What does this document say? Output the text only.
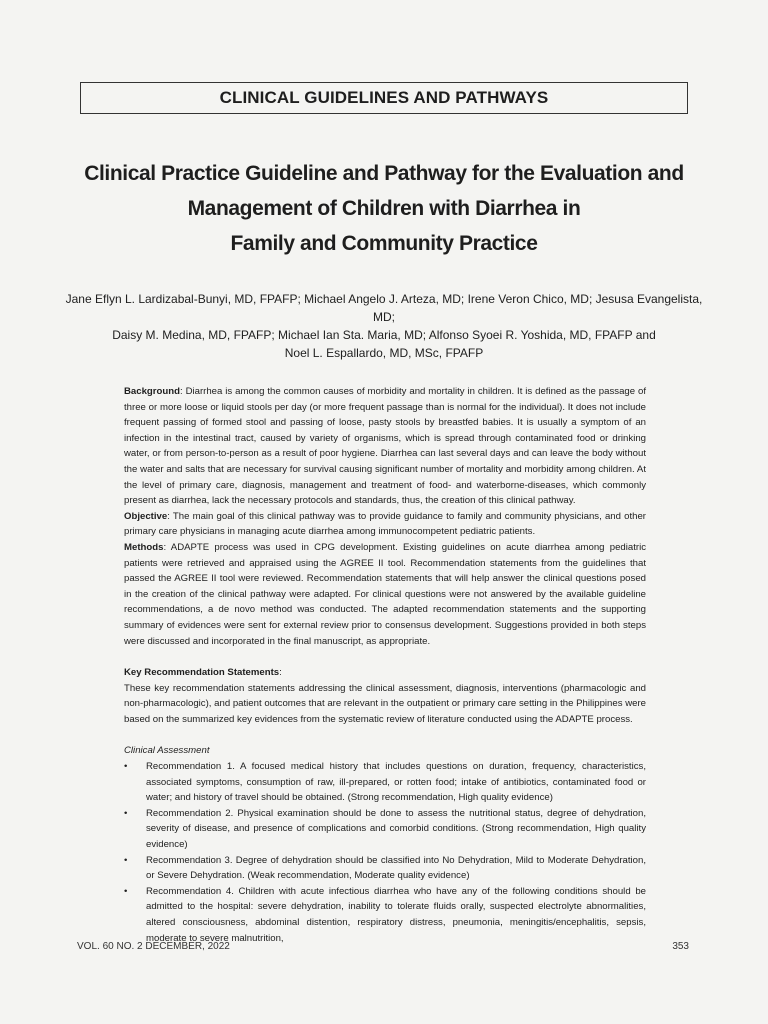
CLINICAL GUIDELINES AND PATHWAYS
Clinical Practice Guideline and Pathway for the Evaluation and
Management of Children with Diarrhea in
Family and Community Practice
Jane Eflyn L. Lardizabal-Bunyi, MD, FPAFP; Michael Angelo J. Arteza, MD; Irene Veron Chico, MD; Jesusa Evangelista, MD;
Daisy M. Medina, MD, FPAFP; Michael Ian Sta. Maria, MD; Alfonso Syoei R. Yoshida, MD, FPAFP and
Noel L. Espallardo, MD, MSc, FPAFP

Background: Diarrhea is among the common causes of morbidity and mortality in children. It is defined as the passage of three or more loose or liquid stools per day (or more frequent passage than is normal for the individual). It does not include frequent passing of formed stool and passing of loose, pasty stools by breastfed babies. It is usually a symptom of an infection in the intestinal tract, caused by variety of organisms, which is spread through contaminated food or drinking water, or from person-to-person as a result of poor hygiene. Diarrhea can last several days and can leave the body without the water and salts that are necessary for survival causing significant number of mortality and morbidity among children. At the level of primary care, diagnosis, management and treatment of food- and waterborne-diseases, which commonly present as diarrhea, lack the necessary protocols and standards, thus, the creation of this clinical pathway.

Objective: The main goal of this clinical pathway was to provide guidance to family and community physicians, and other primary care physicians in managing acute diarrhea among immunocompetent pediatric patients.

Methods: ADAPTE process was used in CPG development. Existing guidelines on acute diarrhea among pediatric patients were retrieved and appraised using the AGREE II tool. Recommendation statements from the guidelines that passed the AGREE II tool were reviewed. Recommendation statements that will help answer the clinical questions posed in the creation of the clinical pathway were adapted. For clinical questions were not answered by the available guideline recommendations, a de novo method was conducted. The adapted recommendation statements and the supporting summary of evidences were sent for external review prior to consensus development. Suggestions provided in both steps were discussed and incorporated in the final manuscript, as appropriate.

Key Recommendation Statements:

These key recommendation statements addressing the clinical assessment, diagnosis, interventions (pharmacologic and non-pharmacologic), and patient outcomes that are relevant in the outpatient or primary care setting in the Philippines were based on the summarized key evidences from the systematic review of literature conducted using the ADAPTE process.

Clinical Assessment

• Recommendation 1. A focused medical history that includes questions on duration, frequency, characteristics, associated symptoms, consumption of raw, ill-prepared, or rotten food; intake of antibiotics, contaminated food or water; and history of travel should be obtained. (Strong recommendation, High quality evidence)
• Recommendation 2. Physical examination should be done to assess the nutritional status, degree of dehydration, severity of disease, and presence of complications and comorbid conditions. (Strong recommendation, High quality evidence)
• Recommendation 3. Degree of dehydration should be classified into No Dehydration, Mild to Moderate Dehydration, or Severe Dehydration. (Weak recommendation, Moderate quality evidence)
• Recommendation 4. Children with acute infectious diarrhea who have any of the following conditions should be admitted to the hospital: severe dehydration, inability to tolerate fluids orally, suspected electrolyte abnormalities, altered consciousness, abdominal distention, respiratory distress, pneumonia, meningitis/encephalitis, sepsis, moderate to severe malnutrition,
VOL. 60 NO. 2 DECEMBER, 2022	353
